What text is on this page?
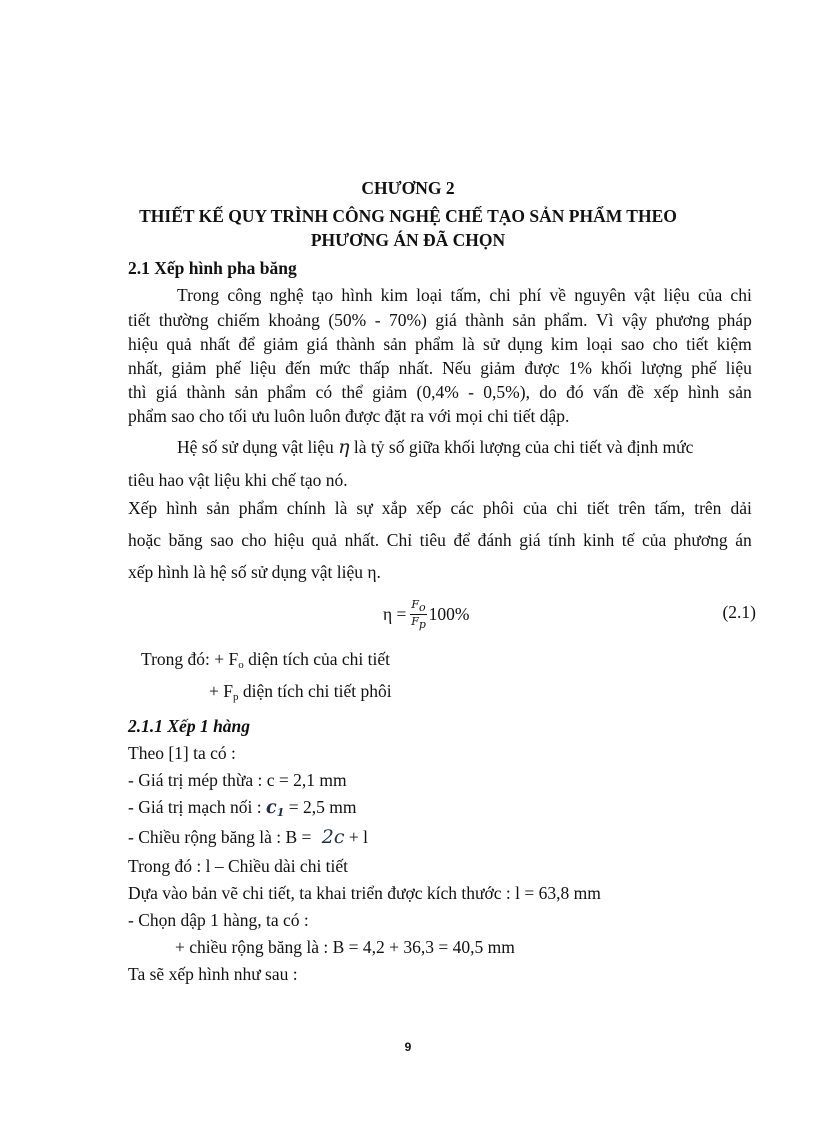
CHƯƠNG 2
THIẾT KẾ QUY TRÌNH CÔNG NGHỆ CHẾ TẠO SẢN PHẨM THEO
PHƯƠNG ÁN ĐÃ CHỌN
2.1 Xếp hình pha băng
Trong công nghệ tạo hình kim loại tấm, chi phí về nguyên vật liệu của chi
tiết thường chiếm khoảng (50% - 70%) giá thành sản phẩm. Vì vậy phương pháp
hiệu quả nhất để giảm giá thành sản phẩm là sử dụng kim loại sao cho tiết kiệm
nhất, giảm phế liệu đến mức thấp nhất. Nếu giảm được 1% khối lượng phế liệu
thì giá thành sản phẩm có thể giảm (0,4% - 0,5%), do đó vấn đề xếp hình sản
phẩm sao cho tối ưu luôn luôn được đặt ra với mọi chi tiết dập.
Hệ số sử dụng vật liệu η là tỷ số giữa khối lượng của chi tiết và định mức
tiêu hao vật liệu khi chế tạo nó.
Xếp hình sản phẩm chính là sự xắp xếp các phôi của chi tiết trên tấm, trên dải
hoặc băng sao cho hiệu quả nhất. Chỉ tiêu để đánh giá tính kinh tế của phương án
xếp hình là hệ số sử dụng vật liệu η.
$\eta = \frac{F_o}{F_p} 100\%$	(2.1)
Trong đó: + $F_o$ diện tích của chi tiết
+ $F_p$ diện tích chi tiết phôi
2.1.1 Xếp 1 hàng
Theo [1] ta có :
- Giá trị mép thừa : c = 2,1 mm
- Giá trị mạch nối : $c_1 = 2,5$ mm
- Chiều rộng băng là : B = 2c + l
Trong đó : l – Chiều dài chi tiết
Dựa vào bản vẽ chi tiết, ta khai triển được kích thước : l = 63,8 mm
- Chọn dập 1 hàng, ta có :
+ chiều rộng băng là : B = 4,2 + 36,3 = 40,5 mm
Ta sẽ xếp hình như sau :
9
